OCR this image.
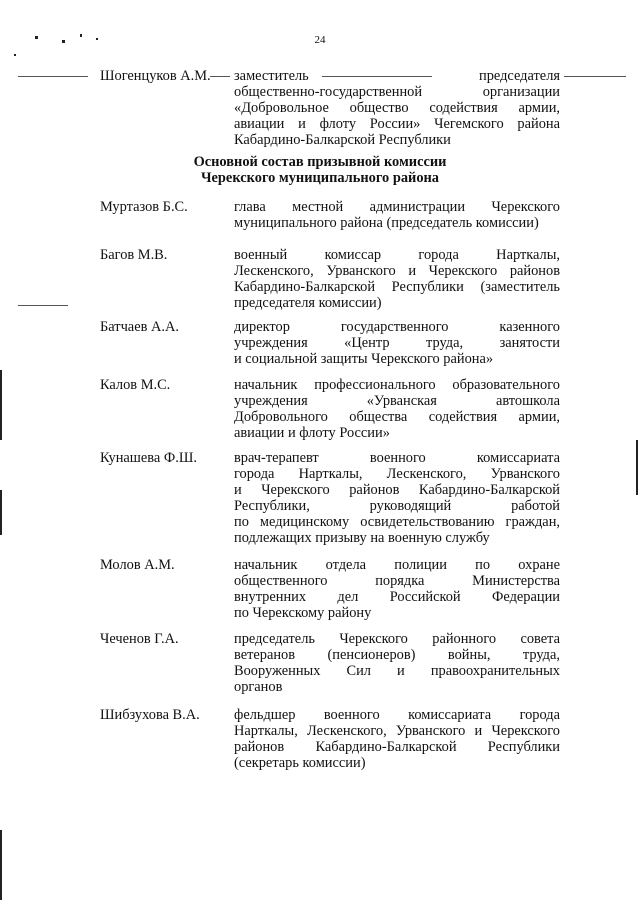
24
Шогенцуков А.М. заместитель председателя
общественно-государственной организации
«Добровольное общество содействия армии,
авиации и флоту России» Чегемского района
Кабардино-Балкарской Республики
Основной состав призывной комиссии
Черекского муниципального района
Муртазов Б.С.	глава местной администрации Черекского
муниципального района (председатель комиссии)
Багов М.В.	военный комиссар города Нарткалы,
Лескенского, Урванского и Черекского районов
Кабардино-Балкарской Республики (заместитель
председателя комиссии)
Батчаев А.А.	директор государственного казенного
учреждения «Центр труда, занятости
и социальной защиты Черекского района»
Калов М.С.	начальник профессионального образовательного
учреждения «Урванская автошкола
Добровольного общества содействия армии,
авиации и флоту России»
Кунашева Ф.Ш.	врач-терапевт военного комиссариата
города Нарткалы, Лескенского, Урванского
и Черекского районов Кабардино-Балкарской
Республики, руководящий работой
по медицинскому освидетельствованию граждан,
подлежащих призыву на военную службу
Молов А.М.	начальник отдела полиции по охране
общественного порядка Министерства
внутренних дел Российской Федерации
по Черекскому району
Чеченов Г.А.	председатель Черекского районного совета
ветеранов (пенсионеров) войны, труда,
Вооруженных Сил и правоохранительных
органов
Шибзухова В.А. фельдшер военного комиссариата города
Нарткалы, Лескенского, Урванского и Черекского
районов Кабардино-Балкарской Республики
(секретарь комиссии)
